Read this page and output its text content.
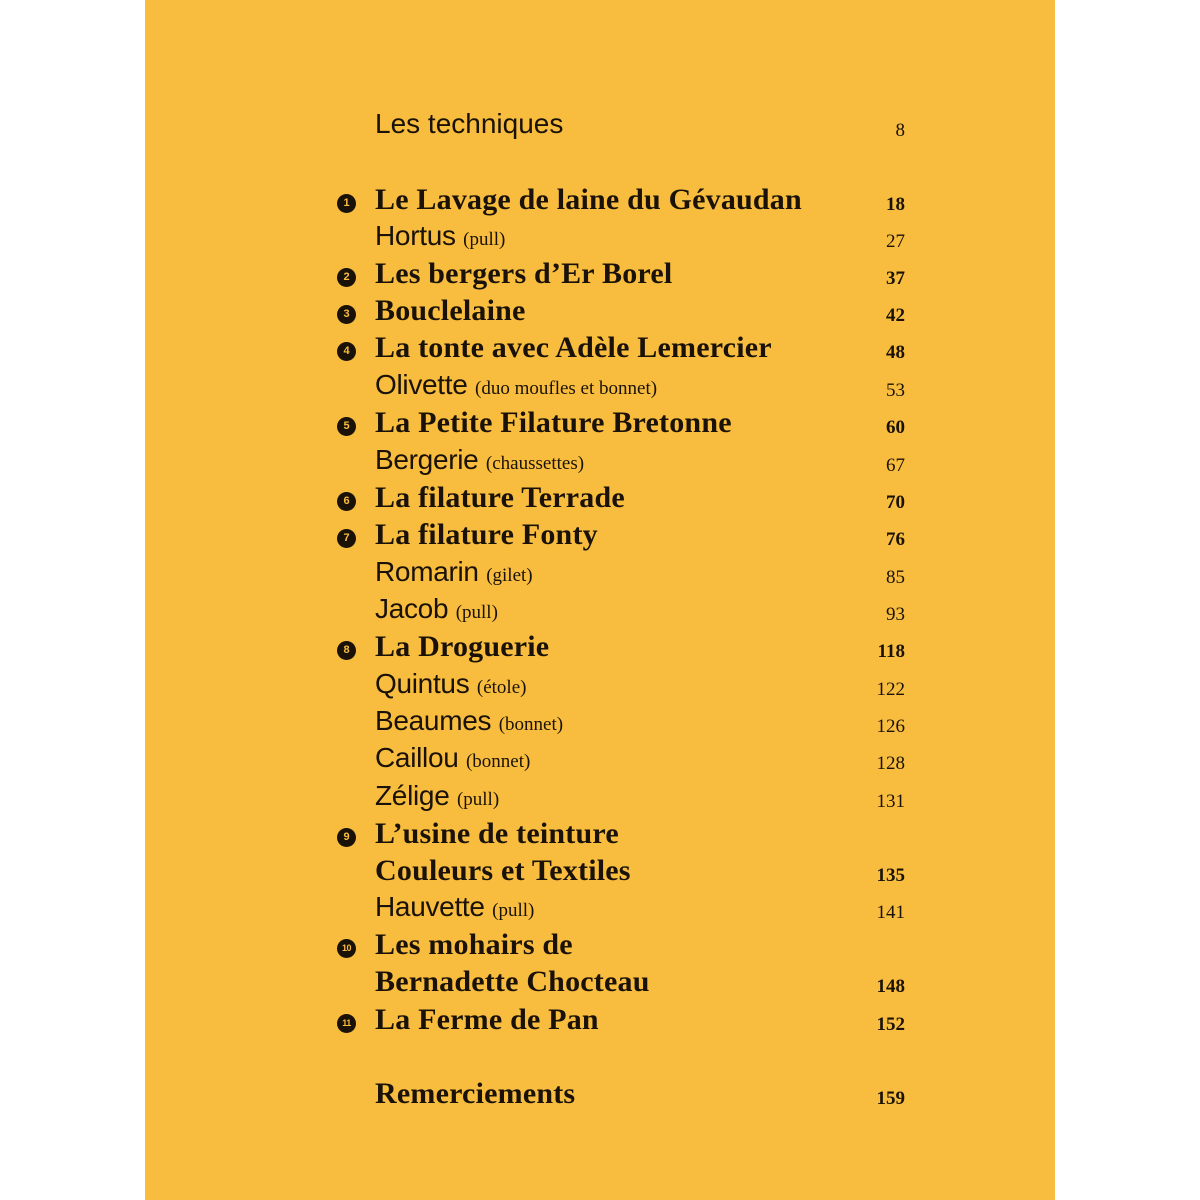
Les techniques	8
1 Le Lavage de laine du Gévaudan	18
Hortus (pull)	27
2 Les bergers d’Er Borel	37
3 Bouclelaine	42
4 La tonte avec Adèle Lemercier	48
Olivette (duo moufles et bonnet)	53
5 La Petite Filature Bretonne	60
Bergerie (chaussettes)	67
6 La filature Terrade	70
7 La filature Fonty	76
Romarin (gilet)	85
Jacob (pull)	93
8 La Droguerie	118
Quintus (étole)	122
Beaumes (bonnet)	126
Caillou (bonnet)	128
Zélige (pull)	131
9 L’usine de teinture
Couleurs et Textiles	135
Hauvette (pull)	141
10 Les mohairs de
Bernadette Chocteau	148
11 La Ferme de Pan	152
Remerciements	159
